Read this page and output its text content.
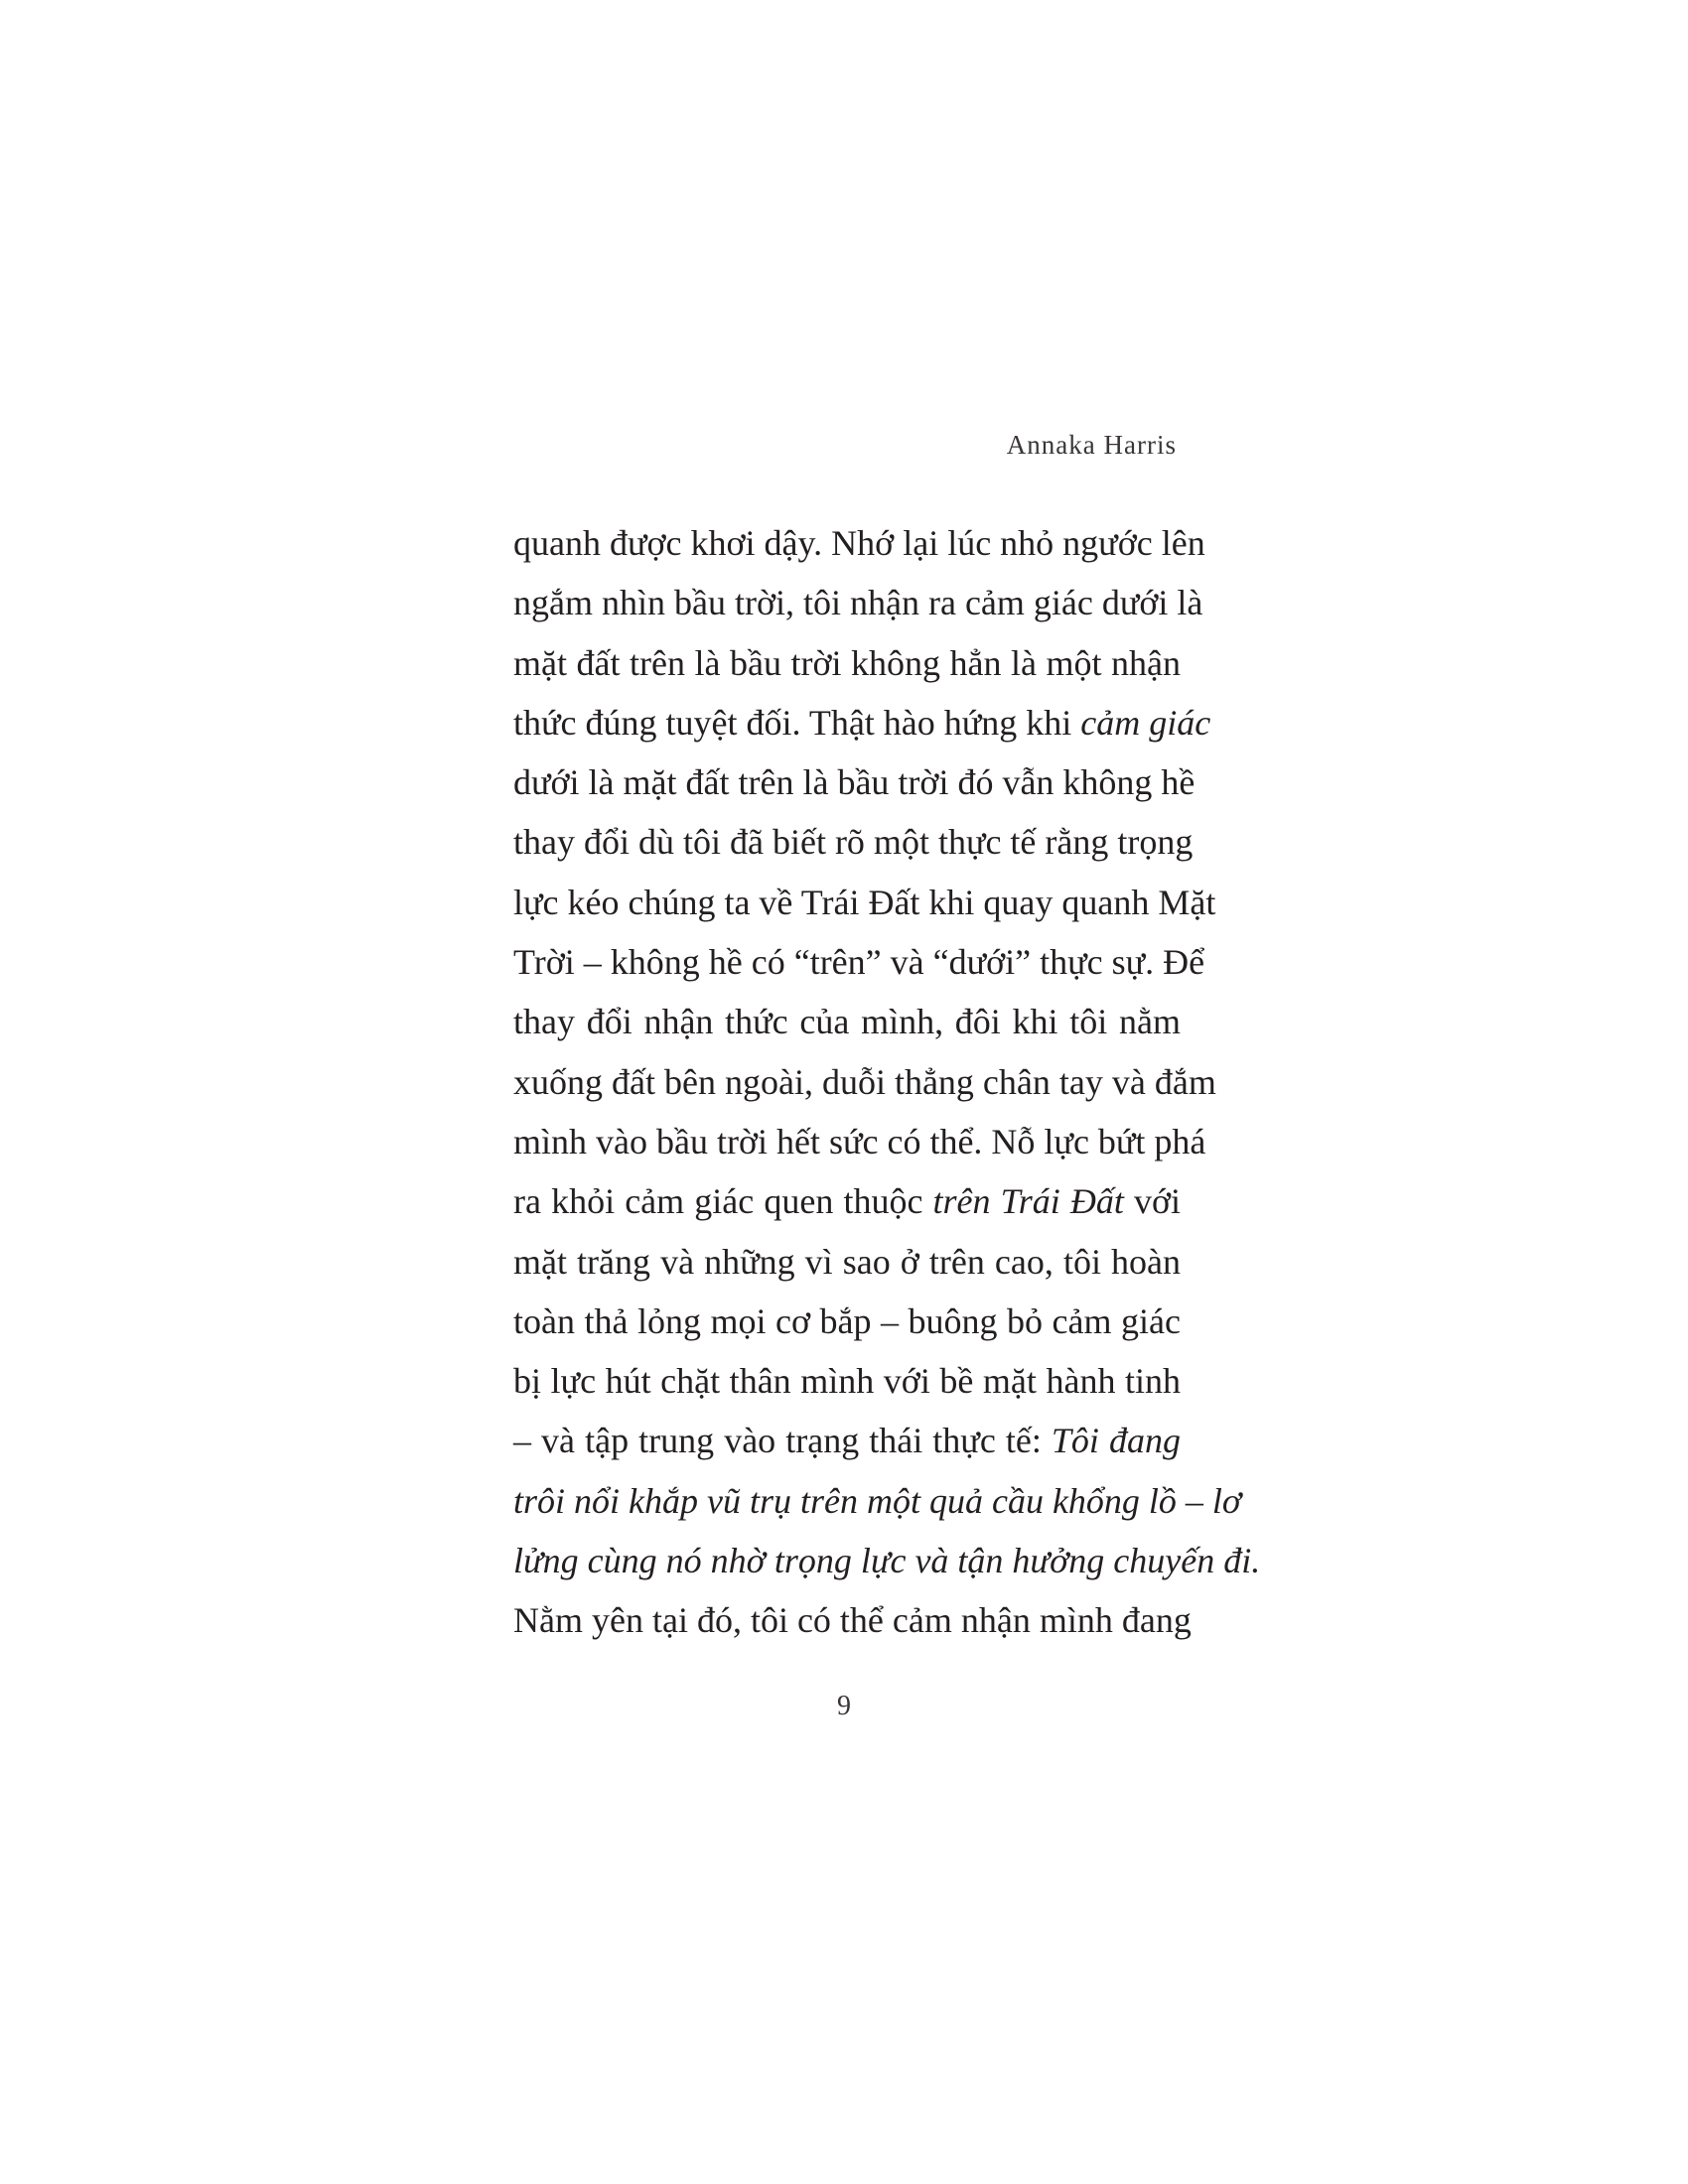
Annaka Harris

quanh được khơi dậy. Nhớ lại lúc nhỏ ngước lên
ngắm nhìn bầu trời, tôi nhận ra cảm giác dưới là
mặt đất trên là bầu trời không hẳn là một nhận
thức đúng tuyệt đối. Thật hào hứng khi cảm giác
dưới là mặt đất trên là bầu trời đó vẫn không hề
thay đổi dù tôi đã biết rõ một thực tế rằng trọng
lực kéo chúng ta về Trái Đất khi quay quanh Mặt
Trời – không hề có “trên” và “dưới” thực sự. Để
thay đổi nhận thức của mình, đôi khi tôi nằm
xuống đất bên ngoài, duỗi thẳng chân tay và đắm
mình vào bầu trời hết sức có thể. Nỗ lực bứt phá
ra khỏi cảm giác quen thuộc trên Trái Đất với
mặt trăng và những vì sao ở trên cao, tôi hoàn
toàn thả lỏng mọi cơ bắp – buông bỏ cảm giác
bị lực hút chặt thân mình với bề mặt hành tinh
– và tập trung vào trạng thái thực tế: Tôi đang
trôi nổi khắp vũ trụ trên một quả cầu khổng lồ – lơ
lửng cùng nó nhờ trọng lực và tận hưởng chuyến đi.
Nằm yên tại đó, tôi có thể cảm nhận mình đang

9
